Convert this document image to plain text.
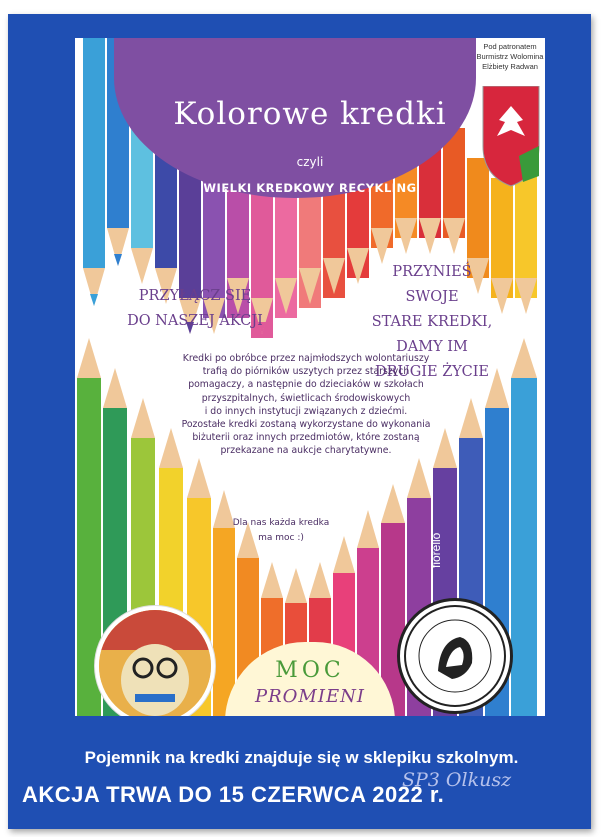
fiorello
Kolorowe kredki
czyli
WIELKI KREDKOWY RECYKLING
Pod patronatem
Burmistrz Wolomina
Elżbiety Radwan
PRZYŁĄCZ SIĘ
DO NASZEJ AKCJI
PRZYNIEŚ SWOJE
STARE KREDKI,
DAMY IM DRUGIE ŻYCIE
Kredki po obróbce przez najmłodszych wolontariuszy
trafią do piórników uszytych przez starszych
pomagaczy, a następnie do dzieciaków w szkołach
przyszpitalnych, świetlicach środowiskowych
i do innych instytucji związanych z dziećmi.
Pozostałe kredki zostaną wykorzystane do wykonania
biżuterii oraz innych przedmiotów, które zostaną
przekazane na aukcje charytatywne.
Dla nas każda kredka
ma moc :)
MOC
PROMIENI
Pojemnik na kredki znajduje się w sklepiku szkolnym.
AKCJA TRWA DO 15 CZERWCA 2022 r.
SP3 Olkusz
